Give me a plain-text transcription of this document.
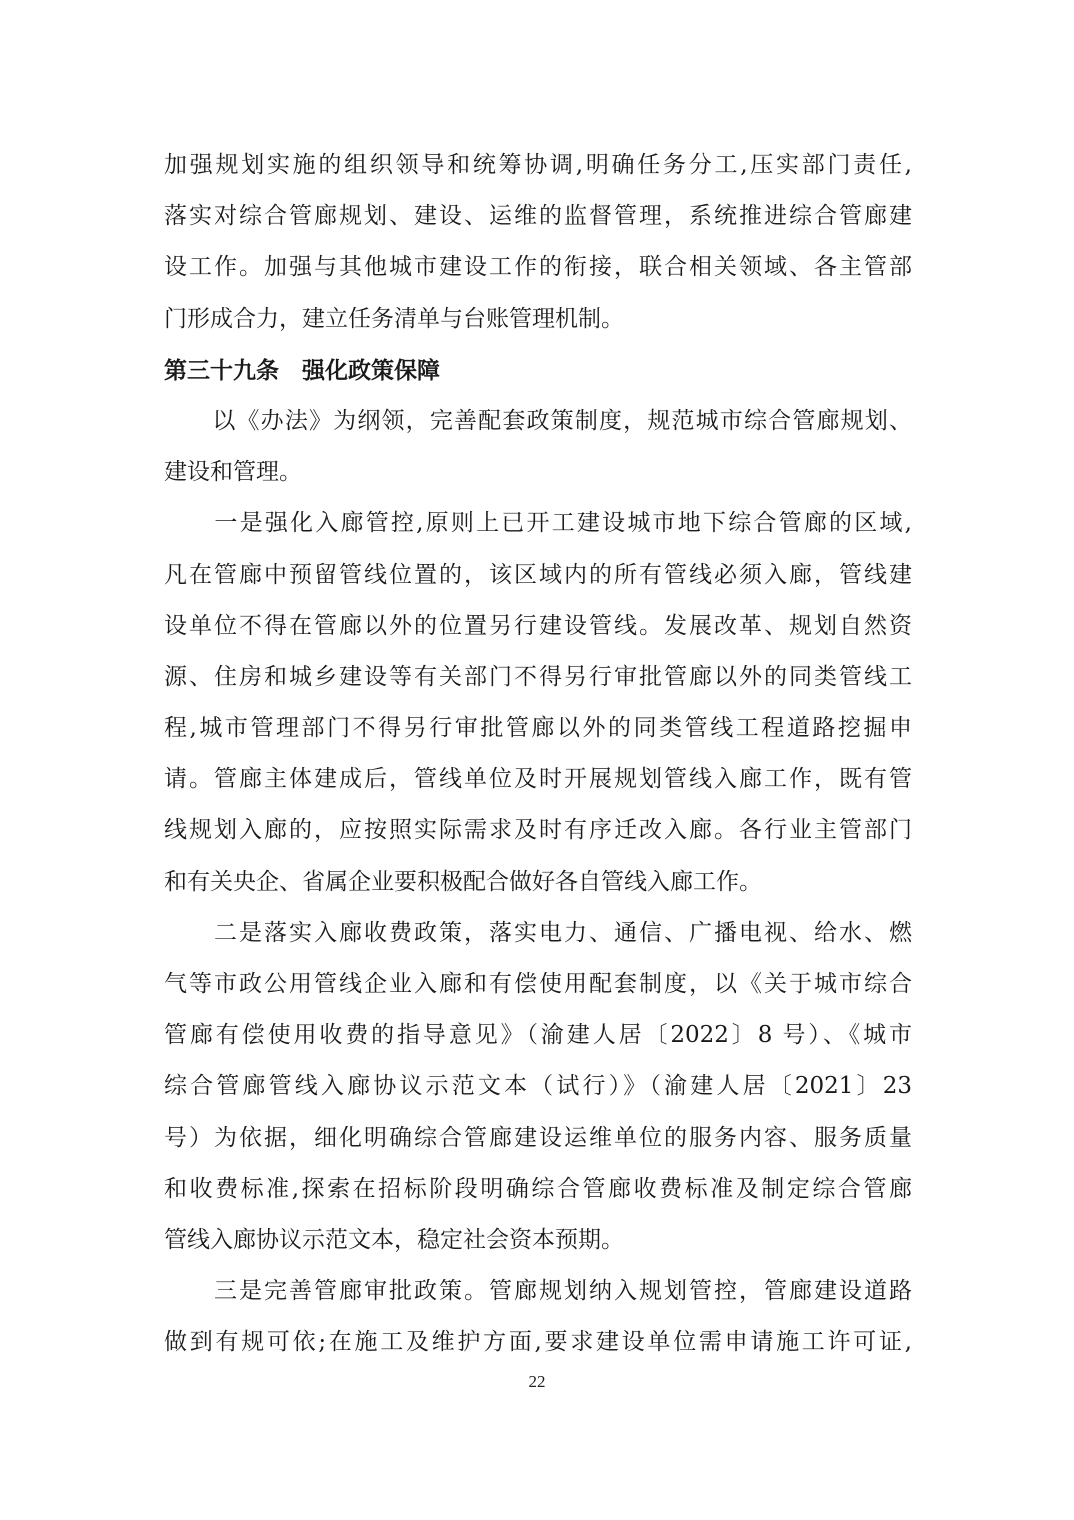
加强规划实施的组织领导和统筹协调,明确任务分工,压实部门责任,
落实对综合管廊规划、建设、运维的监督管理，系统推进综合管廊建
设工作。加强与其他城市建设工作的衔接，联合相关领域、各主管部
门形成合力，建立任务清单与台账管理机制。
第三十九条　强化政策保障
　　以《办法》为纲领，完善配套政策制度，规范城市综合管廊规划、
建设和管理。
　　一是强化入廊管控,原则上已开工建设城市地下综合管廊的区域,
凡在管廊中预留管线位置的，该区域内的所有管线必须入廊，管线建
设单位不得在管廊以外的位置另行建设管线。发展改革、规划自然资
源、住房和城乡建设等有关部门不得另行审批管廊以外的同类管线工
程,城市管理部门不得另行审批管廊以外的同类管线工程道路挖掘申
请。管廊主体建成后，管线单位及时开展规划管线入廊工作，既有管
线规划入廊的，应按照实际需求及时有序迁改入廊。各行业主管部门
和有关央企、省属企业要积极配合做好各自管线入廊工作。
　　二是落实入廊收费政策，落实电力、通信、广播电视、给水、燃
气等市政公用管线企业入廊和有偿使用配套制度，以《关于城市综合
管廊有偿使用收费的指导意见》（渝建人居〔2022〕8 号）、《城市
综合管廊管线入廊协议示范文本（试行）》（渝建人居〔2021〕23
号）为依据，细化明确综合管廊建设运维单位的服务内容、服务质量
和收费标准,探索在招标阶段明确综合管廊收费标准及制定综合管廊
管线入廊协议示范文本，稳定社会资本预期。
　　三是完善管廊审批政策。管廊规划纳入规划管控，管廊建设道路
做到有规可依;在施工及维护方面,要求建设单位需申请施工许可证,
22
